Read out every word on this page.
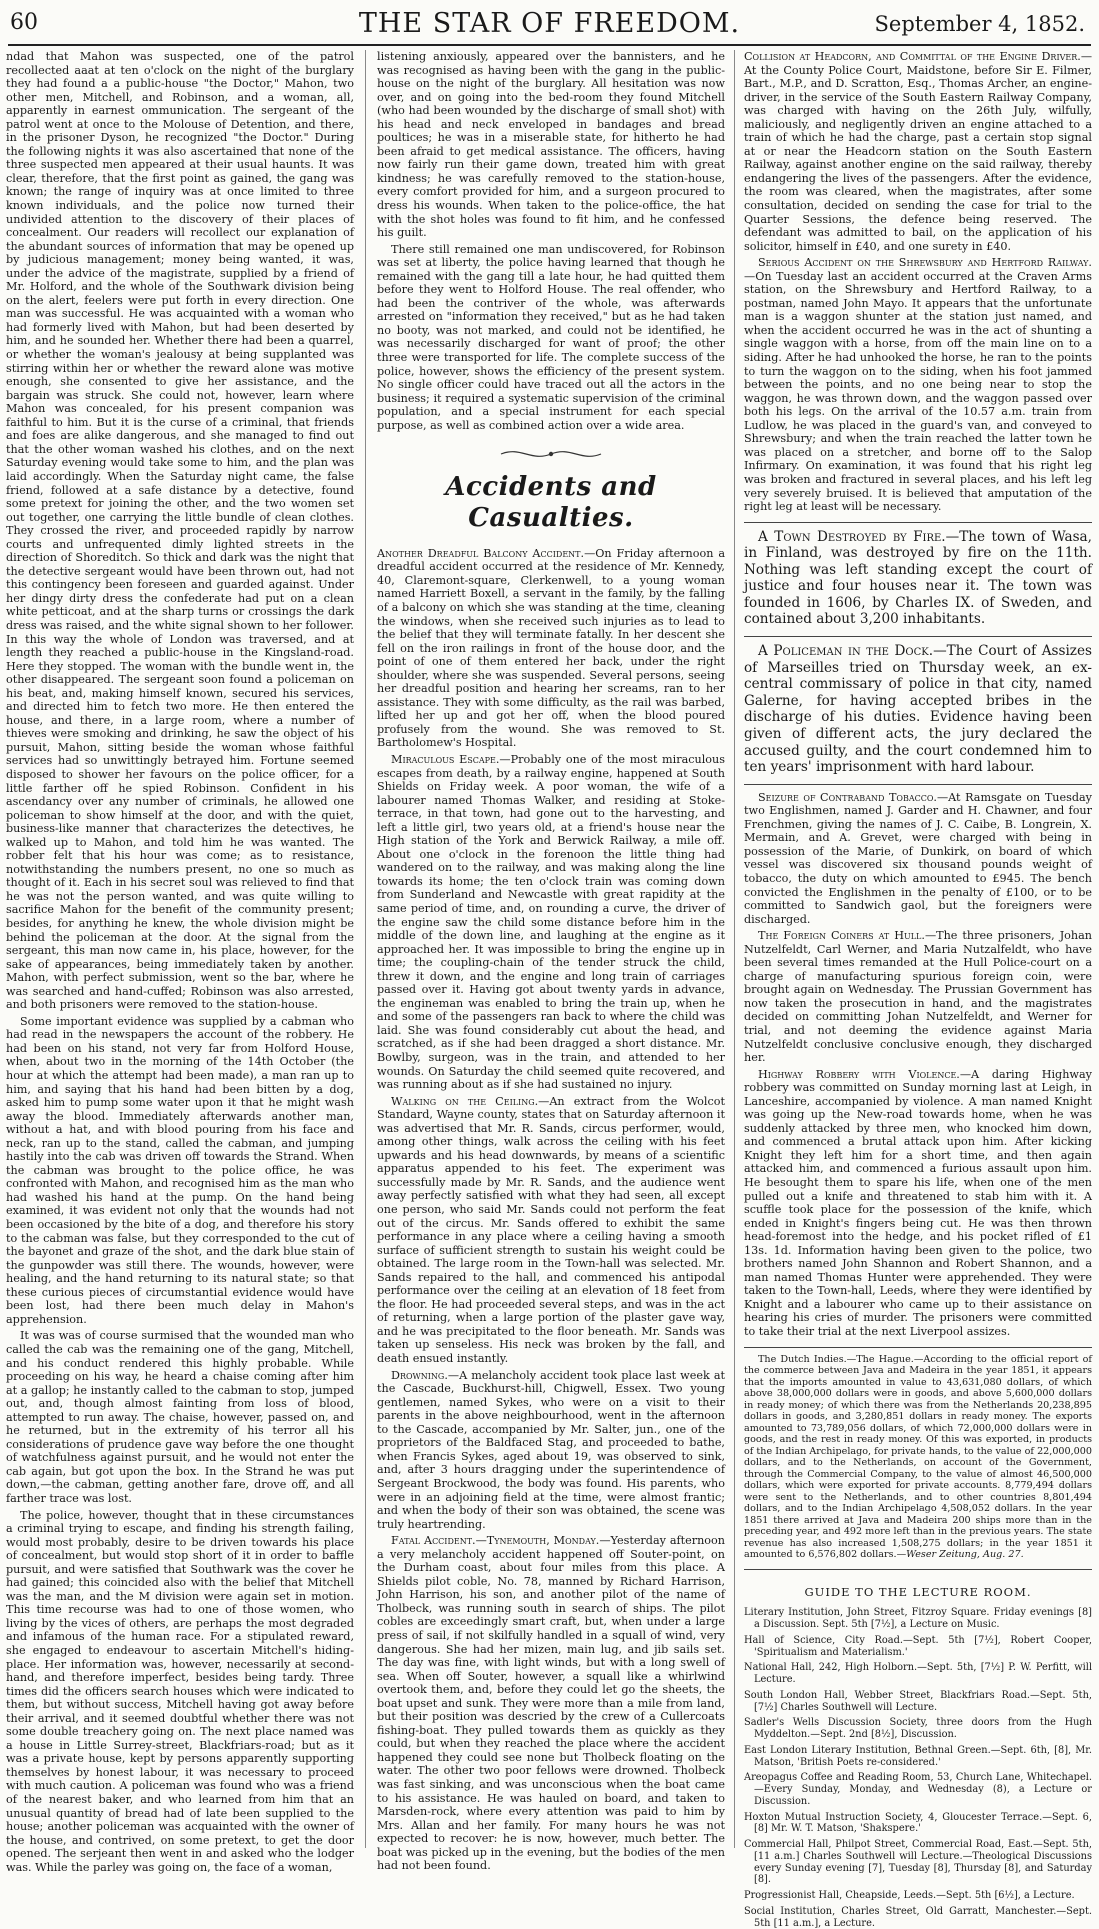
60	THE STAR OF FREEDOM.	September 4, 1852.

ndad that Mahon was suspected, one of the patrol recollected aaat at ten o'clock on the night of the burglary they had found a a public-house "the Doctor," Mahon, two other men, Mitchell, and Robinson, and a woman, all, apparently in earnest ommunication. The sergeant of the patrol went at once to the Molouse of Detention, and there, in the prisoner Dyson, he recognized "the Doctor." During the following nights it was also ascertained that none of the three suspected men appeared at their usual haunts. It was clear, therefore, that the first point as gained, the gang was known; the range of inquiry was at once limited to three known individuals, and the police now turned their undivided attention to the discovery of their places of concealment. Our readers will recollect our explanation of the abundant sources of information that may be opened up by judicious management; money being wanted, it was, under the advice of the magistrate, supplied by a friend of Mr. Holford, and the whole of the Southwark division being on the alert, feelers were put forth in every direction. One man was successful. He was acquainted with a woman who had formerly lived with Mahon, but had been deserted by him, and he sounded her. Whether there had been a quarrel, or whether the woman's jealousy at being supplanted was stirring within her or whether the reward alone was motive enough, she consented to give her assistance, and the bargain was struck. She could not, however, learn where Mahon was concealed, for his present companion was faithful to him. But it is the curse of a criminal, that friends and foes are alike dangerous, and she managed to find out that the other woman washed his clothes, and on the next Saturday evening would take some to him, and the plan was laid accordingly. When the Saturday night came, the false friend, followed at a safe distance by a detective, found some pretext for joining the other, and the two women set out together, one carrying the little bundle of clean clothes. They crossed the river, and proceeded rapidly by narrow courts and unfrequented dimly lighted streets in the direction of Shoreditch. So thick and dark was the night that the detective sergeant would have been thrown out, had not this contingency been foreseen and guarded against. Under her dingy dirty dress the confederate had put on a clean white petticoat, and at the sharp turns or crossings the dark dress was raised, and the white signal shown to her follower. In this way the whole of London was traversed, and at length they reached a public-house in the Kingsland-road. Here they stopped. The woman with the bundle went in, the other disappeared. The sergeant soon found a policeman on his beat, and, making himself known, secured his services, and directed him to fetch two more. He then entered the house, and there, in a large room, where a number of thieves were smoking and drinking, he saw the object of his pursuit, Mahon, sitting beside the woman whose faithful services had so unwittingly betrayed him. Fortune seemed disposed to shower her favours on the police officer, for a little farther off he spied Robinson. Confident in his ascendancy over any number of criminals, he allowed one policeman to show himself at the door, and with the quiet, business-like manner that characterizes the detectives, he walked up to Mahon, and told him he was wanted. The robber felt that his hour was come; as to resistance, notwithstanding the numbers present, no one so much as thought of it. Each in his secret soul was relieved to find that he was not the person wanted, and was quite willing to sacrifice Mahon for the benefit of the community present; besides, for anything he knew, the whole division might be behind the policeman at the door. At the signal from the sergeant, this man now came in, his place, however, for the sake of appearances, being immediately taken by another. Mahon, with perfect submission, went so the bar, where he was searched and hand-cuffed; Robinson was also arrested, and both prisoners were removed to the station-house.

Some important evidence was supplied by a cabman who had read in the newspapers the account of the robbery. He had been on his stand, not very far from Holford House, when, about two in the morning of the 14th October (the hour at which the attempt had been made), a man ran up to him, and saying that his hand had been bitten by a dog, asked him to pump some water upon it that he might wash away the blood. Immediately afterwards another man, without a hat, and with blood pouring from his face and neck, ran up to the stand, called the cabman, and jumping hastily into the cab was driven off towards the Strand. When the cabman was brought to the police office, he was confronted with Mahon, and recognised him as the man who had washed his hand at the pump. On the hand being examined, it was evident not only that the wounds had not been occasioned by the bite of a dog, and therefore his story to the cabman was false, but they corresponded to the cut of the bayonet and graze of the shot, and the dark blue stain of the gunpowder was still there. The wounds, however, were healing, and the hand returning to its natural state; so that these curious pieces of circumstantial evidence would have been lost, had there been much delay in Mahon's apprehension.

It was was of course surmised that the wounded man who called the cab was the remaining one of the gang, Mitchell, and his conduct rendered this highly probable. While proceeding on his way, he heard a chaise coming after him at a gallop; he instantly called to the cabman to stop, jumped out, and, though almost fainting from loss of blood, attempted to run away. The chaise, however, passed on, and he returned, but in the extremity of his terror all his considerations of prudence gave way before the one thought of watchfulness against pursuit, and he would not enter the cab again, but got upon the box. In the Strand he was put down,—the cabman, getting another fare, drove off, and all farther trace was lost.

The police, however, thought that in these circumstances a criminal trying to escape, and finding his strength failing, would most probably, desire to be driven towards his place of concealment, but would stop short of it in order to baffle pursuit, and were satisfied that Southwark was the cover he had gained; this coincided also with the belief that Mitchell was the man, and the M division were again set in motion. This time recourse was had to one of those women, who living by the vices of others, are perhaps the most degraded and infamous of the human race. For a stipulated reward, she engaged to endeavour to ascertain Mitchell's hiding-place. Her information was, however, necessarily at second-hand, and therefore imperfect, besides being tardy. Three times did the officers search houses which were indicated to them, but without success, Mitchell having got away before their arrival, and it seemed doubtful whether there was not some double treachery going on. The next place named was a house in Little Surrey-street, Blackfriars-road; but as it was a private house, kept by persons apparently supporting themselves by honest labour, it was necessary to proceed with much caution. A policeman was found who was a friend of the nearest baker, and who learned from him that an unusual quantity of bread had of late been supplied to the house; another policeman was acquainted with the owner of the house, and contrived, on some pretext, to get the door opened. The serjeant then went in and asked who the lodger was. While the parley was going on, the face of a woman,

listening anxiously, appeared over the bannisters, and he was recognised as having been with the gang in the public-house on the night of the burglary. All hesitation was now over, and on going into the bed-room they found Mitchell (who had been wounded by the discharge of small shot) with his head and neck enveloped in bandages and bread poultices; he was in a miserable state, for hitherto he had been afraid to get medical assistance. The officers, having now fairly run their game down, treated him with great kindness; he was carefully removed to the station-house, every comfort provided for him, and a surgeon procured to dress his wounds. When taken to the police-office, the hat with the shot holes was found to fit him, and he confessed his guilt.

There still remained one man undiscovered, for Robinson was set at liberty, the police having learned that though he remained with the gang till a late hour, he had quitted them before they went to Holford House. The real offender, who had been the contriver of the whole, was afterwards arrested on "information they received," but as he had taken no booty, was not marked, and could not be identified, he was necessarily discharged for want of proof; the other three were transported for life. The complete success of the police, however, shows the efficiency of the present system. No single officer could have traced out all the actors in the business; it required a systematic supervision of the criminal population, and a special instrument for each special purpose, as well as combined action over a wide area.

Accidents and Casualties.

Another Dreadful Balcony Accident.—On Friday afternoon a dreadful accident occurred at the residence of Mr. Kennedy, 40, Claremont-square, Clerkenwell, to a young woman named Harriett Boxell, a servant in the family, by the falling of a balcony on which she was standing at the time, cleaning the windows, when she received such injuries as to lead to the belief that they will terminate fatally. In her descent she fell on the iron railings in front of the house door, and the point of one of them entered her back, under the right shoulder, where she was suspended. Several persons, seeing her dreadful position and hearing her screams, ran to her assistance. They with some difficulty, as the rail was barbed, lifted her up and got her off, when the blood poured profusely from the wound. She was removed to St. Bartholomew's Hospital.

Miraculous Escape.—Probably one of the most miraculous escapes from death, by a railway engine, happened at South Shields on Friday week. A poor woman, the wife of a labourer named Thomas Walker, and residing at Stoke-terrace, in that town, had gone out to the harvesting, and left a little girl, two years old, at a friend's house near the High station of the York and Berwick Railway, a mile off. About one o'clock in the forenoon the little thing had wandered on to the railway, and was making along the line towards its home; the ten o'clock train was coming down from Sunderland and Newcastle with great rapidity at the same period of time, and, on rounding a curve, the driver of the engine saw the child some distance before him in the middle of the down line, and laughing at the engine as it approached her. It was impossible to bring the engine up in time; the coupling-chain of the tender struck the child, threw it down, and the engine and long train of carriages passed over it. Having got about twenty yards in advance, the engineman was enabled to bring the train up, when he and some of the passengers ran back to where the child was laid. She was found considerably cut about the head, and scratched, as if she had been dragged a short distance. Mr. Bowlby, surgeon, was in the train, and attended to her wounds. On Saturday the child seemed quite recovered, and was running about as if she had sustained no injury.

Walking on the Ceiling.—An extract from the Wolcot Standard, Wayne county, states that on Saturday afternoon it was advertised that Mr. R. Sands, circus performer, would, among other things, walk across the ceiling with his feet upwards and his head downwards, by means of a scientific apparatus appended to his feet. The experiment was successfully made by Mr. R. Sands, and the audience went away perfectly satisfied with what they had seen, all except one person, who said Mr. Sands could not perform the feat out of the circus. Mr. Sands offered to exhibit the same performance in any place where a ceiling having a smooth surface of sufficient strength to sustain his weight could be obtained. The large room in the Town-hall was selected. Mr. Sands repaired to the hall, and commenced his antipodal performance over the ceiling at an elevation of 18 feet from the floor. He had proceeded several steps, and was in the act of returning, when a large portion of the plaster gave way, and he was precipitated to the floor beneath. Mr. Sands was taken up senseless. His neck was broken by the fall, and death ensued instantly.

Drowning.—A melancholy accident took place last week at the Cascade, Buckhurst-hill, Chigwell, Essex. Two young gentlemen, named Sykes, who were on a visit to their parents in the above neighbourhood, went in the afternoon to the Cascade, accompanied by Mr. Salter, jun., one of the proprietors of the Baldfaced Stag, and proceeded to bathe, when Francis Sykes, aged about 19, was observed to sink, and, after 3 hours dragging under the superintendence of Sergeant Brockwood, the body was found. His parents, who were in an adjoining field at the time, were almost frantic; and when the body of their son was obtained, the scene was truly heartrending.

Fatal Accident.—Tynemouth, Monday.—Yesterday afternoon a very melancholy accident happened off Souter-point, on the Durham coast, about four miles from this place. A Shields pilot coble, No. 78, manned by Richard Harrison, John Harrison, his son, and another pilot of the name of Tholbeck, was running south in search of ships. The pilot cobles are exceedingly smart craft, but, when under a large press of sail, if not skilfully handled in a squall of wind, very dangerous. She had her mizen, main lug, and jib sails set. The day was fine, with light winds, but with a long swell of sea. When off Souter, however, a squall like a whirlwind overtook them, and, before they could let go the sheets, the boat upset and sunk. They were more than a mile from land, but their position was descried by the crew of a Cullercoats fishing-boat. They pulled towards them as quickly as they could, but when they reached the place where the accident happened they could see none but Tholbeck floating on the water. The other two poor fellows were drowned. Tholbeck was fast sinking, and was unconscious when the boat came to his assistance. He was hauled on board, and taken to Marsden-rock, where every attention was paid to him by Mrs. Allan and her family. For many hours he was not expected to recover: he is now, however, much better. The boat was picked up in the evening, but the bodies of the men had not been found.

Collision at Headcorn, and Committal of the Engine Driver.—At the County Police Court, Maidstone, before Sir E. Filmer, Bart., M.P., and D. Scratton, Esq., Thomas Archer, an engine-driver, in the service of the South Eastern Railway Company, was charged with having on the 26th July, wilfully, maliciously, and negligently driven an engine attached to a train of which he had the charge, past a certain stop signal at or near the Headcorn station on the South Eastern Railway, against another engine on the said railway, thereby endangering the lives of the passengers. After the evidence, the room was cleared, when the magistrates, after some consultation, decided on sending the case for trial to the Quarter Sessions, the defence being reserved. The defendant was admitted to bail, on the application of his solicitor, himself in £40, and one surety in £40.

Serious Accident on the Shrewsbury and Hertford Railway.—On Tuesday last an accident occurred at the Craven Arms station, on the Shrewsbury and Hertford Railway, to a postman, named John Mayo. It appears that the unfortunate man is a waggon shunter at the station just named, and when the accident occurred he was in the act of shunting a single waggon with a horse, from off the main line on to a siding. After he had unhooked the horse, he ran to the points to turn the waggon on to the siding, when his foot jammed between the points, and no one being near to stop the waggon, he was thrown down, and the waggon passed over both his legs. On the arrival of the 10.57 a.m. train from Ludlow, he was placed in the guard's van, and conveyed to Shrewsbury; and when the train reached the latter town he was placed on a stretcher, and borne off to the Salop Infirmary. On examination, it was found that his right leg was broken and fractured in several places, and his left leg very severely bruised. It is believed that amputation of the right leg at least will be necessary.

A Town Destroyed by Fire.—The town of Wasa, in Finland, was destroyed by fire on the 11th. Nothing was left standing except the court of justice and four houses near it. The town was founded in 1606, by Charles IX. of Sweden, and contained about 3,200 inhabitants.

A Policeman in the Dock.—The Court of Assizes of Marseilles tried on Thursday week, an ex-central commissary of police in that city, named Galerne, for having accepted bribes in the discharge of his duties. Evidence having been given of different acts, the jury declared the accused guilty, and the court condemned him to ten years' imprisonment with hard labour.

Seizure of Contraband Tobacco.—At Ramsgate on Tuesday two Englishmen, named J. Garder and H. Chawner, and four Frenchmen, giving the names of J. C. Caibe, B. Longrein, X. Mermain, and A. Grevet, were charged with being in possession of the Marie, of Dunkirk, on board of which vessel was discovered six thousand pounds weight of tobacco, the duty on which amounted to £945. The bench convicted the Englishmen in the penalty of £100, or to be committed to Sandwich gaol, but the foreigners were discharged.

The Foreign Coiners at Hull.—The three prisoners, Johan Nutzelfeldt, Carl Werner, and Maria Nutzalfeldt, who have been several times remanded at the Hull Police-court on a charge of manufacturing spurious foreign coin, were brought again on Wednesday. The Prussian Government has now taken the prosecution in hand, and the magistrates decided on committing Johan Nutzelfeldt, and Werner for trial, and not deeming the evidence against Maria Nutzelfeldt conclusive conclusive enough, they discharged her.

Highway Robbery with Violence.—A daring Highway robbery was committed on Sunday morning last at Leigh, in Lanceshire, accompanied by violence. A man named Knight was going up the New-road towards home, when he was suddenly attacked by three men, who knocked him down, and commenced a brutal attack upon him. After kicking Knight they left him for a short time, and then again attacked him, and commenced a furious assault upon him. He besought them to spare his life, when one of the men pulled out a knife and threatened to stab him with it. A scuffle took place for the possession of the knife, which ended in Knight's fingers being cut. He was then thrown head-foremost into the hedge, and his pocket rifled of £1 13s. 1d. Information having been given to the police, two brothers named John Shannon and Robert Shannon, and a man named Thomas Hunter were apprehended. They were taken to the Town-hall, Leeds, where they were identified by Knight and a labourer who came up to their assistance on hearing his cries of murder. The prisoners were committed to take their trial at the next Liverpool assizes.

The Dutch Indies.—The Hague.—According to the official report of the commerce between Java and Madeira in the year 1851, it appears that the imports amounted in value to 43,631,080 dollars, of which above 38,000,000 dollars were in goods, and above 5,600,000 dollars in ready money; of which there was from the Netherlands 20,238,895 dollars in goods, and 3,280,851 dollars in ready money. The exports amounted to 73,789,056 dollars, of which 72,000,000 dollars were in goods, and the rest in ready money. Of this was exported, in products of the Indian Archipelago, for private hands, to the value of 22,000,000 dollars, and to the Netherlands, on account of the Government, through the Commercial Company, to the value of almost 46,500,000 dollars, which were exported for private accounts. 8,779,494 dollars were sent to the Netherlands, and to other countries 8,801,494 dollars, and to the Indian Archipelago 4,508,052 dollars. In the year 1851 there arrived at Java and Madeira 200 ships more than in the preceding year, and 492 more left than in the previous years. The state revenue has also increased 1,508,275 dollars; in the year 1851 it amounted to 6,576,802 dollars.—Weser Zeitung, Aug. 27.

GUIDE TO THE LECTURE ROOM.

Literary Institution, John Street, Fitzroy Square. Friday evenings [8] a Discussion. Sept. 5th [7½], a Lecture on Music.

Hall of Science, City Road.—Sept. 5th [7½], Robert Cooper, 'Spiritualism and Materialism.'

National Hall, 242, High Holborn.—Sept. 5th, [7½] P. W. Perfitt, will Lecture.

South London Hall, Webber Street, Blackfriars Road.—Sept. 5th, [7½] Charles Southwell will Lecture.

Sadler's Wells Discussion Society, three doors from the Hugh Myddelton.—Sept. 2nd [8½], Discussion.

East London Literary Institution, Bethnal Green.—Sept. 6th, [8], Mr. Matson, 'British Poets re-considered.'

Areopagus Coffee and Reading Room, 53, Church Lane, Whitechapel.—Every Sunday, Monday, and Wednesday (8), a Lecture or Discussion.

Hoxton Mutual Instruction Society, 4, Gloucester Terrace.—Sept. 6, [8] Mr. W. T. Matson, 'Shakspere.'

Commercial Hall, Philpot Street, Commercial Road, East.—Sept. 5th, [11 a.m.] Charles Southwell will Lecture.—Theological Discussions every Sunday evening [7], Tuesday [8], Thursday [8], and Saturday [8].

Progressionist Hall, Cheapside, Leeds.—Sept. 5th [6½], a Lecture.

Social Institution, Charles Street, Old Garratt, Manchester.—Sept. 5th [11 a.m.], a Lecture.
